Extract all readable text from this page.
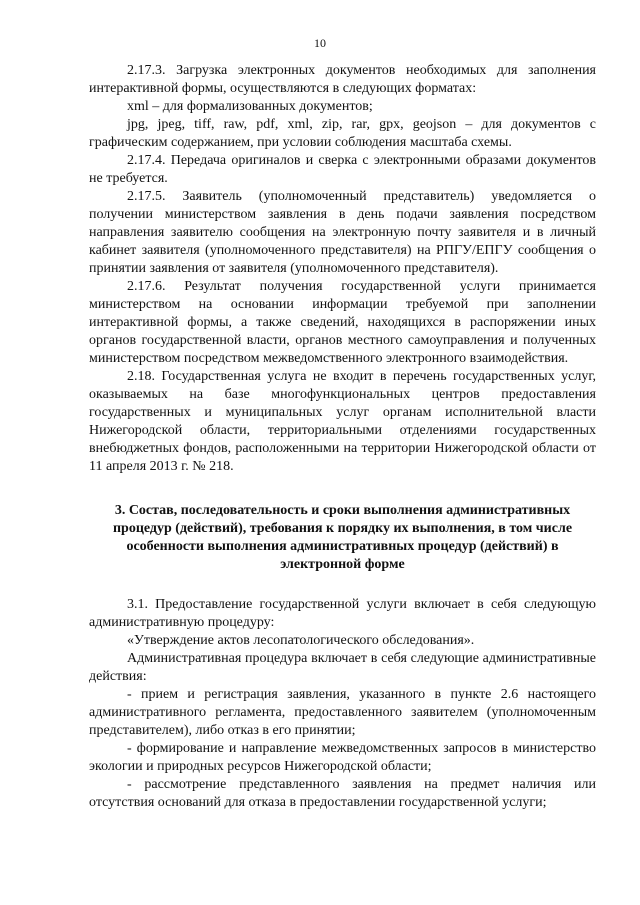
10

2.17.3. Загрузка электронных документов необходимых для заполнения интерактивной формы, осуществляются в следующих форматах:

xml – для формализованных документов;

jpg, jpeg, tiff, raw, pdf, xml, zip, rar, gpx, geojson – для документов с графическим содержанием, при условии соблюдения масштаба схемы.

2.17.4. Передача оригиналов и сверка с электронными образами документов не требуется.

2.17.5. Заявитель (уполномоченный представитель) уведомляется о получении министерством заявления в день подачи заявления посредством направления заявителю сообщения на электронную почту заявителя и в личный кабинет заявителя (уполномоченного представителя) на РПГУ/ЕПГУ сообщения о принятии заявления от заявителя (уполномоченного представителя).

2.17.6. Результат получения государственной услуги принимается министерством на основании информации требуемой при заполнении интерактивной формы, а также сведений, находящихся в распоряжении иных органов государственной власти, органов местного самоуправления и полученных министерством посредством межведомственного электронного взаимодействия.

2.18. Государственная услуга не входит в перечень государственных услуг, оказываемых на базе многофункциональных центров предоставления государственных и муниципальных услуг органам исполнительной власти Нижегородской области, территориальными отделениями государственных внебюджетных фондов, расположенными на территории Нижегородской области от 11 апреля 2013 г. № 218.

3. Состав, последовательность и сроки выполнения административных процедур (действий), требования к порядку их выполнения, в том числе особенности выполнения административных процедур (действий) в электронной форме

3.1. Предоставление государственной услуги включает в себя следующую административную процедуру:

«Утверждение актов лесопатологического обследования».

Административная процедура включает в себя следующие административные действия:

- прием и регистрация заявления, указанного в пункте 2.6 настоящего административного регламента, предоставленного заявителем (уполномоченным представителем), либо отказ в его принятии;

- формирование и направление межведомственных запросов в министерство экологии и природных ресурсов Нижегородской области;

- рассмотрение представленного заявления на предмет наличия или отсутствия оснований для отказа в предоставлении государственной услуги;
